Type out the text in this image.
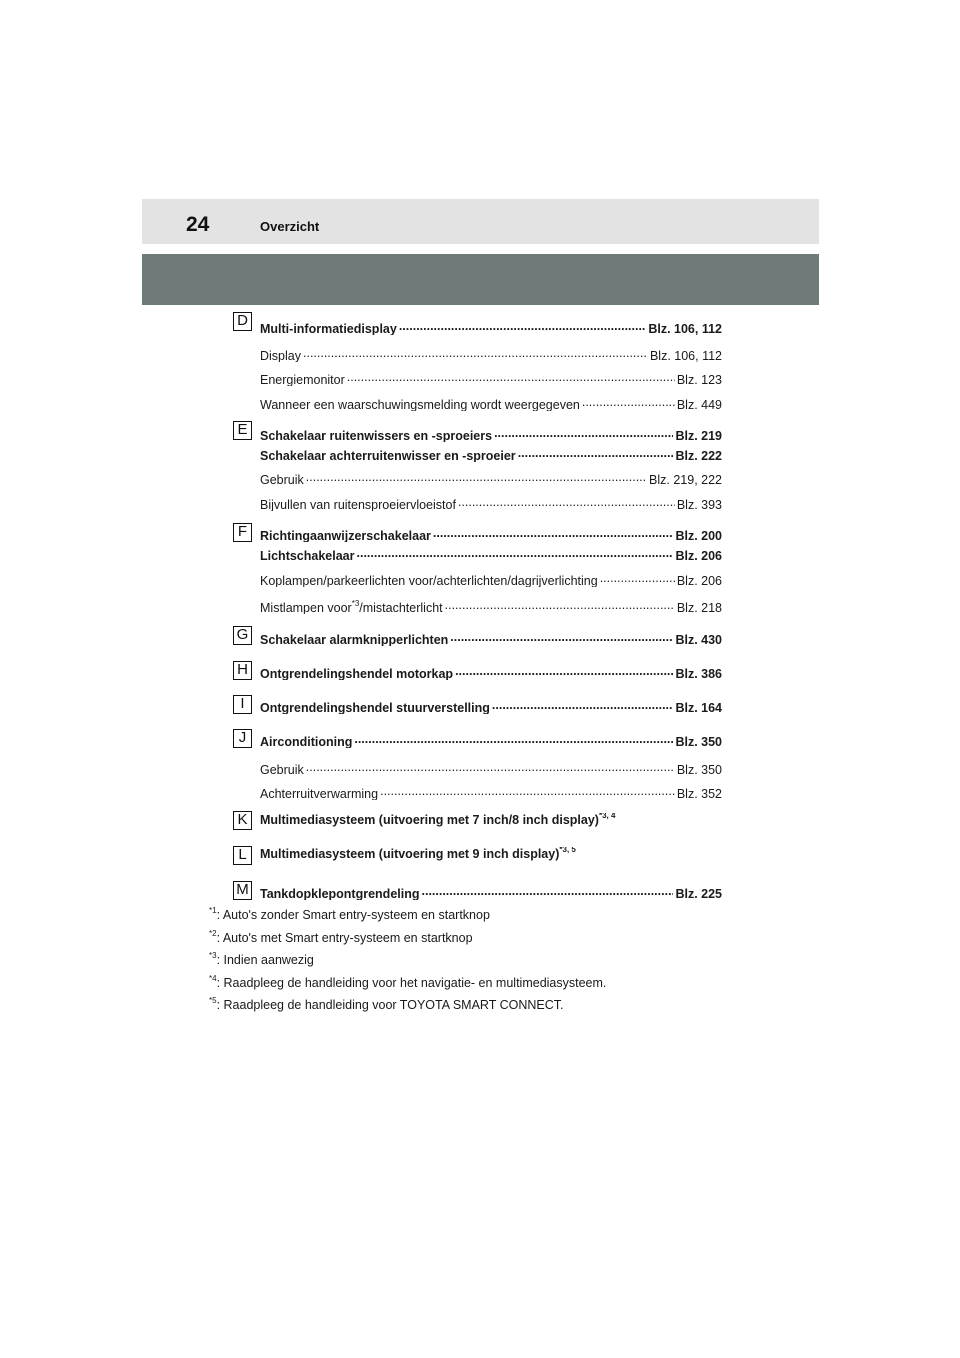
24	Overzicht
D Multi-informatiedisplay .....	Blz. 106, 112
Display .....	Blz. 106, 112
Energiemonitor .....	Blz. 123
Wanneer een waarschuwingsmelding wordt weergegeven .....	Blz. 449
E	Schakelaar ruitenwissers en -sproeiers .....	Blz. 219
Schakelaar achterruitenwisser en -sproeier .....	Blz. 222
Gebruik .....	Blz. 219, 222
Bijvullen van ruitensproeiervloeistof .....	Blz. 393
F	Richtingaanwijzerschakelaar .....	Blz. 200
Lichtschakelaar .....	Blz. 206
Koplampen/parkeerlichten voor/achterlichten/dagrijverlichting .....	Blz. 206
Mistlampen voor$^{*3}$/mistachterlicht .....	Blz. 218
G Schakelaar alarmknipperlichten .....	Blz. 430
H Ontgrendelingshendel motorkap .....	Blz. 386
I	Ontgrendelingshendel stuurverstelling .....	Blz. 164
J	Airconditioning .....	Blz. 350
Gebruik .....	Blz. 350
Achterruitverwarming .....	Blz. 352
K	Multimediasysteem (uitvoering met 7 inch/8 inch display)$^{*3, 4}$
L	Multimediasysteem (uitvoering met 9 inch display)$^{*3, 5}$
M Tankdopklepontgrendeling .....	Blz. 225
$^{*1}$: Auto's zonder Smart entry-systeem en startknop
$^{*2}$: Auto's met Smart entry-systeem en startknop
$^{*3}$: Indien aanwezig
$^{*4}$: Raadpleeg de handleiding voor het navigatie- en multimediasysteem.
$^{*5}$: Raadpleeg de handleiding voor TOYOTA SMART CONNECT.
